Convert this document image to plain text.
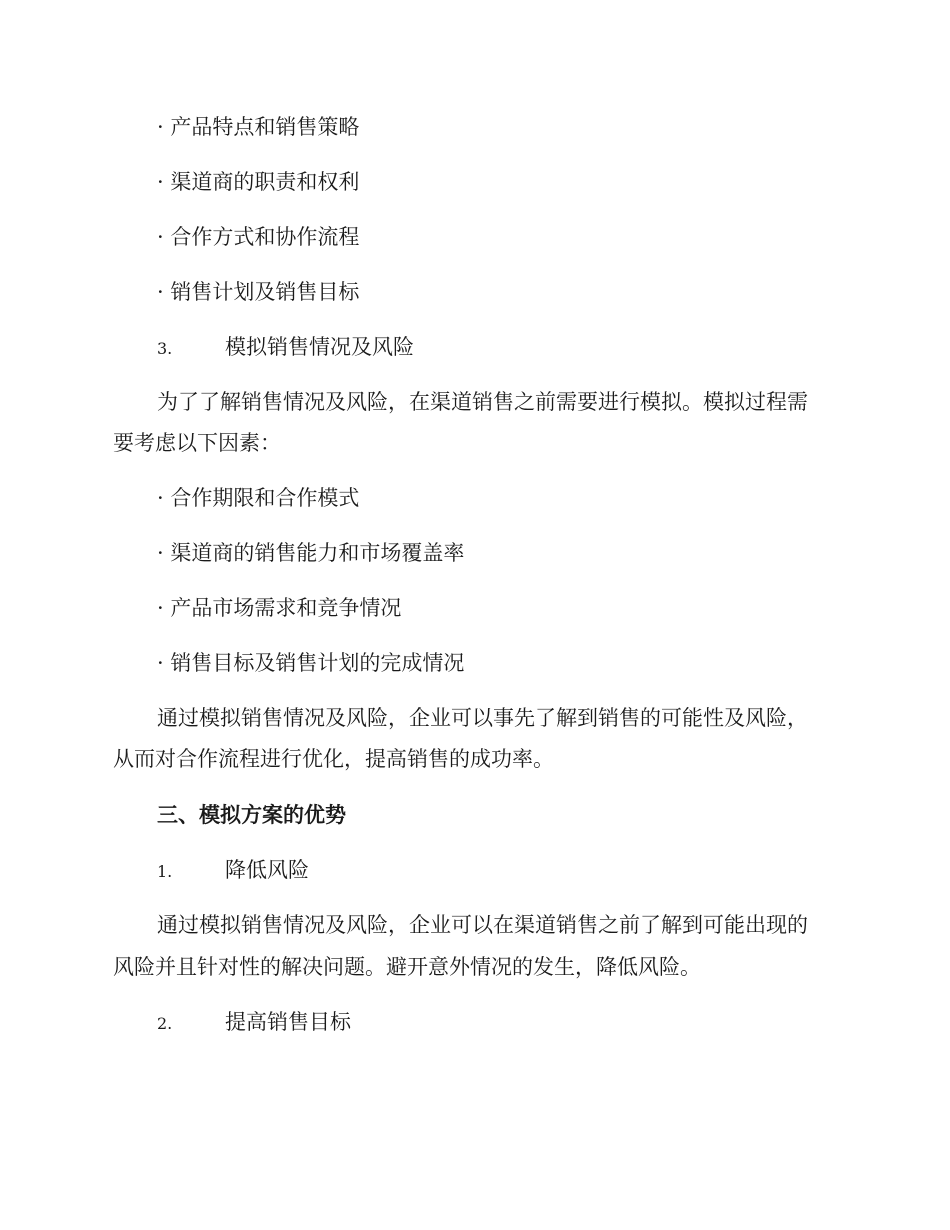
· 产品特点和销售策略
· 渠道商的职责和权利
· 合作方式和协作流程
· 销售计划及销售目标
3.	模拟销售情况及风险
为了了解销售情况及风险，在渠道销售之前需要进行模拟。模拟过程需
要考虑以下因素：
· 合作期限和合作模式
· 渠道商的销售能力和市场覆盖率
· 产品市场需求和竞争情况
· 销售目标及销售计划的完成情况
通过模拟销售情况及风险，企业可以事先了解到销售的可能性及风险，
从而对合作流程进行优化，提高销售的成功率。
三、模拟方案的优势
1.	降低风险
通过模拟销售情况及风险，企业可以在渠道销售之前了解到可能出现的
风险并且针对性的解决问题。避开意外情况的发生，降低风险。
2.	提高销售目标
